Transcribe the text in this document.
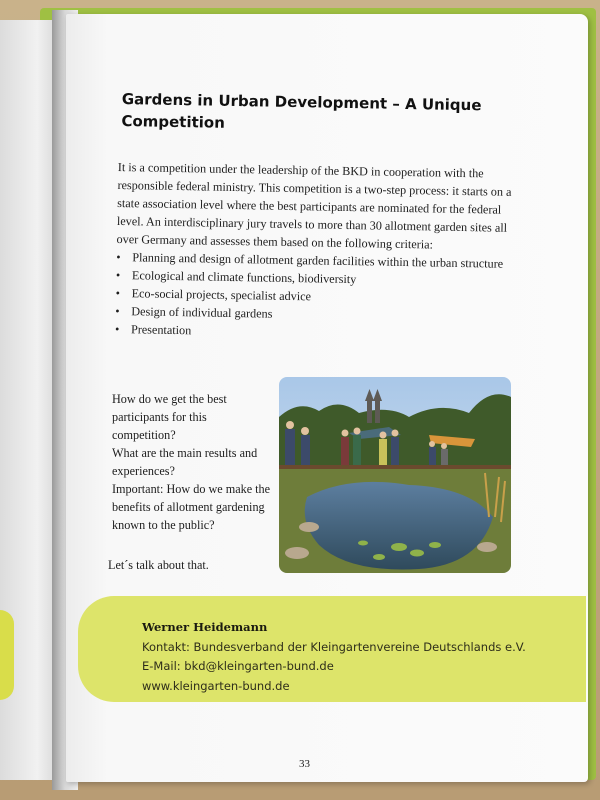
Gardens in Urban Development – A Unique
Competition

It is a competition under the leadership of the BKD in cooperation with the responsible federal ministry. This competition is a two-step process: it starts on a state association level where the best participants are nominated for the federal level. An interdisciplinary jury travels to more than 30 allotment garden sites all over Germany and assesses them based on the following criteria:

• Planning and design of allotment garden facilities within the urban structure
• Ecological and climate functions, biodiversity
• Eco-social projects, specialist advice
• Design of individual gardens
• Presentation

How do we get the best participants for this competition?

What are the main results and experiences?

Important: How do we make the benefits of allotment gardening known to the public?

Let´s talk about that.
Werner Heidemann
Kontakt: Bundesverband der Kleingartenvereine Deutschlands e.V.
E-Mail: bkd@kleingarten-bund.de
www.kleingarten-bund.de
33
